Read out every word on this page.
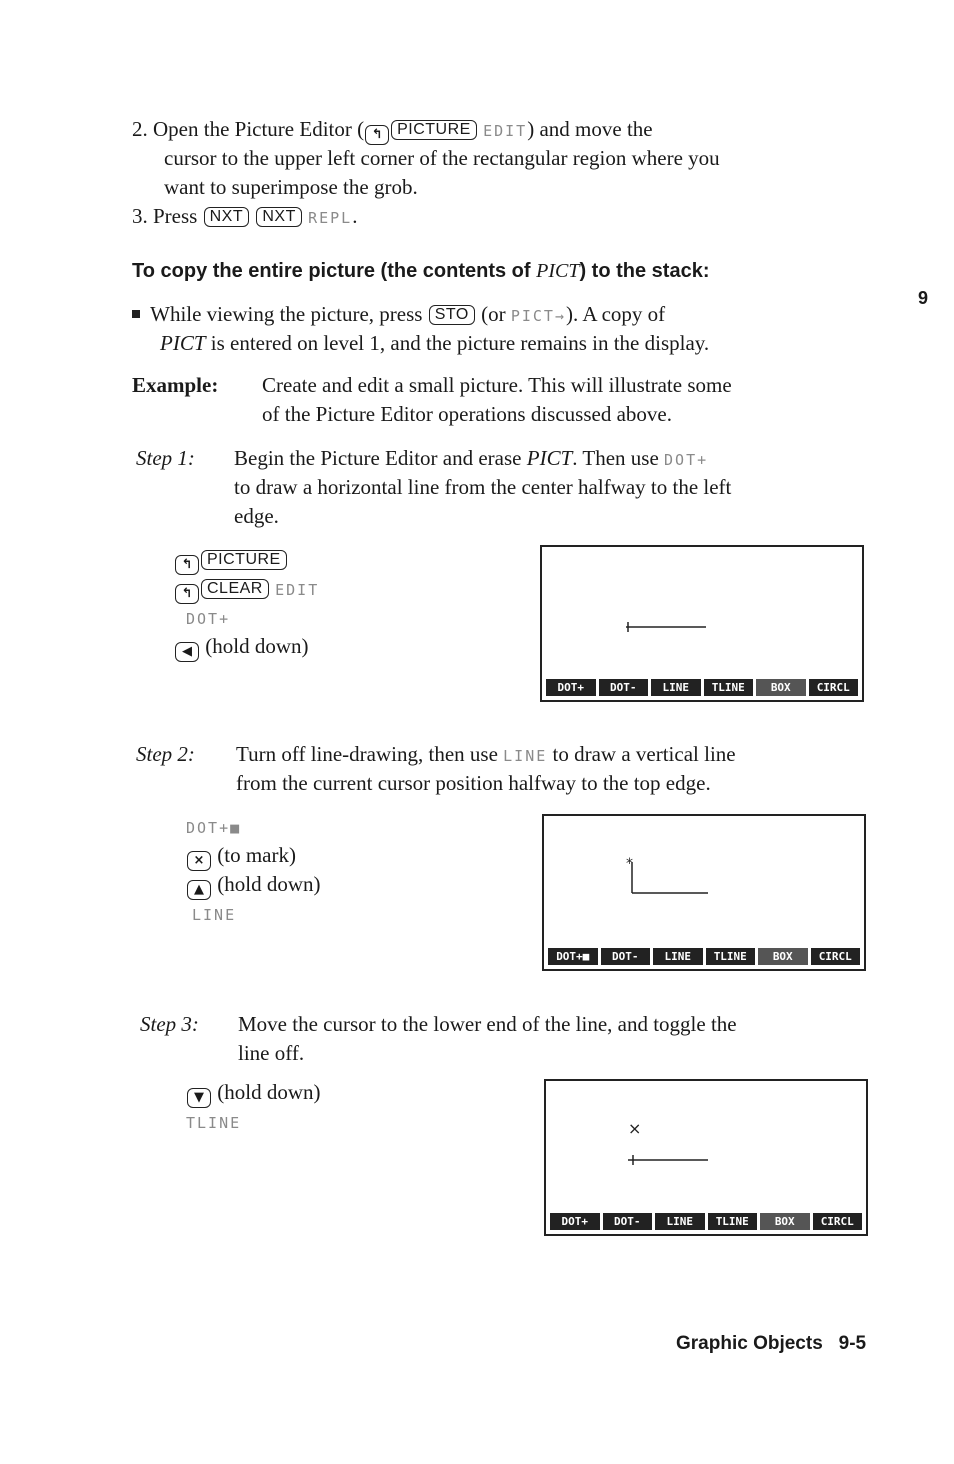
2. Open the Picture Editor ( ↰ PICTURE EDIT) and move the
cursor to the upper left corner of the rectangular region where you
want to superimpose the grob.
3. Press NXT NXT REPL.
To copy the entire picture (the contents of PICT) to the stack:
9
While viewing the picture, press STO (or PICT→). A copy of
PICT is entered on level 1, and the picture remains in the display.
Example: Create and edit a small picture. This will illustrate some
of the Picture Editor operations discussed above.
Step 1: Begin the Picture Editor and erase PICT. Then use DOT+
to draw a horizontal line from the center halfway to the left
edge.
↰ PICTURE
↰ CLEAR EDIT
DOT+
◀ (hold down)
DOT+	DOT-	LINE	TLINE	BOX	CIRCL
Step 2: Turn off line-drawing, then use LINE to draw a vertical line
from the current cursor position halfway to the top edge.
DOT+■
× (to mark)
▲ (hold down)
LINE
*
DOT+■	DOT-	LINE	TLINE	BOX	CIRCL
Step 3: Move the cursor to the lower end of the line, and toggle the
line off.
▼ (hold down)
TLINE	×
DOT+	DOT-	LINE	TLINE	BOX	CIRCL
Graphic Objects 9-5
